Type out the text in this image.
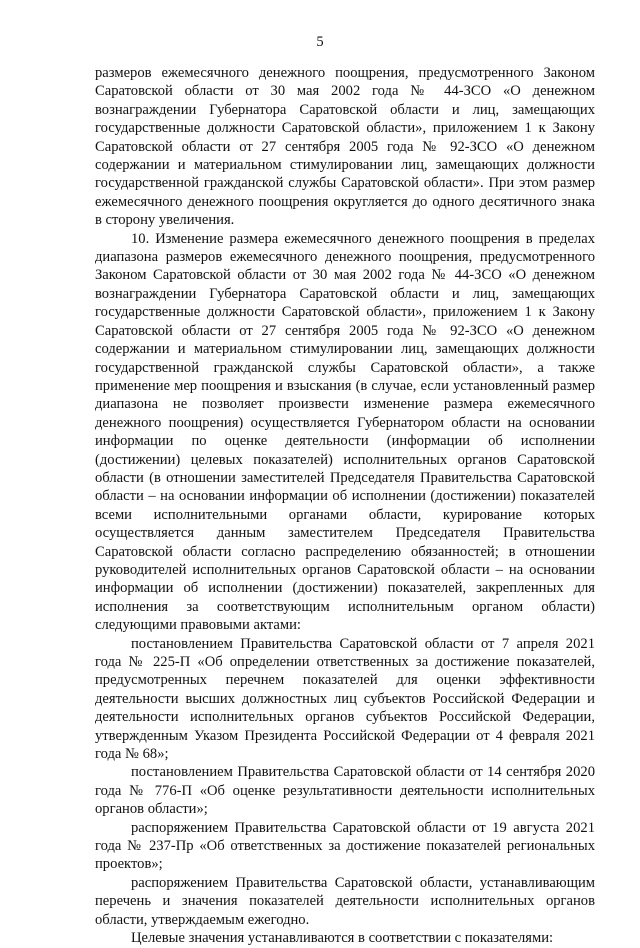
5

размеров ежемесячного денежного поощрения, предусмотренного Законом Саратовской области от 30 мая 2002 года № 44-ЗСО «О денежном вознаграждении Губернатора Саратовской области и лиц, замещающих государственные должности Саратовской области», приложением 1 к Закону Саратовской области от 27 сентября 2005 года № 92-ЗСО «О денежном содержании и материальном стимулировании лиц, замещающих должности государственной гражданской службы Саратовской области». При этом размер ежемесячного денежного поощрения округляется до одного десятичного знака в сторону увеличения.

10. Изменение размера ежемесячного денежного поощрения в пределах диапазона размеров ежемесячного денежного поощрения, предусмотренного Законом Саратовской области от 30 мая 2002 года № 44-ЗСО «О денежном вознаграждении Губернатора Саратовской области и лиц, замещающих государственные должности Саратовской области», приложением 1 к Закону Саратовской области от 27 сентября 2005 года № 92-ЗСО «О денежном содержании и материальном стимулировании лиц, замещающих должности государственной гражданской службы Саратовской области», а также применение мер поощрения и взыскания (в случае, если установленный размер диапазона не позволяет произвести изменение размера ежемесячного денежного поощрения) осуществляется Губернатором области на основании информации по оценке деятельности (информации об исполнении (достижении) целевых показателей) исполнительных органов Саратовской области (в отношении заместителей Председателя Правительства Саратовской области – на основании информации об исполнении (достижении) показателей всеми исполнительными органами области, курирование которых осуществляется данным заместителем Председателя Правительства Саратовской области согласно распределению обязанностей; в отношении руководителей исполнительных органов Саратовской области – на основании информации об исполнении (достижении) показателей, закрепленных для исполнения за соответствующим исполнительным органом области) следующими правовыми актами:

постановлением Правительства Саратовской области от 7 апреля 2021 года № 225-П «Об определении ответственных за достижение показателей, предусмотренных перечнем показателей для оценки эффективности деятельности высших должностных лиц субъектов Российской Федерации и деятельности исполнительных органов субъектов Российской Федерации, утвержденным Указом Президента Российской Федерации от 4 февраля 2021 года № 68»;

постановлением Правительства Саратовской области от 14 сентября 2020 года № 776-П «Об оценке результативности деятельности исполнительных органов области»;

распоряжением Правительства Саратовской области от 19 августа 2021 года № 237-Пр «Об ответственных за достижение показателей региональных проектов»;

распоряжением Правительства Саратовской области, устанавливающим перечень и значения показателей деятельности исполнительных органов области, утверждаемым ежегодно.

Целевые значения устанавливаются в соответствии с показателями:
